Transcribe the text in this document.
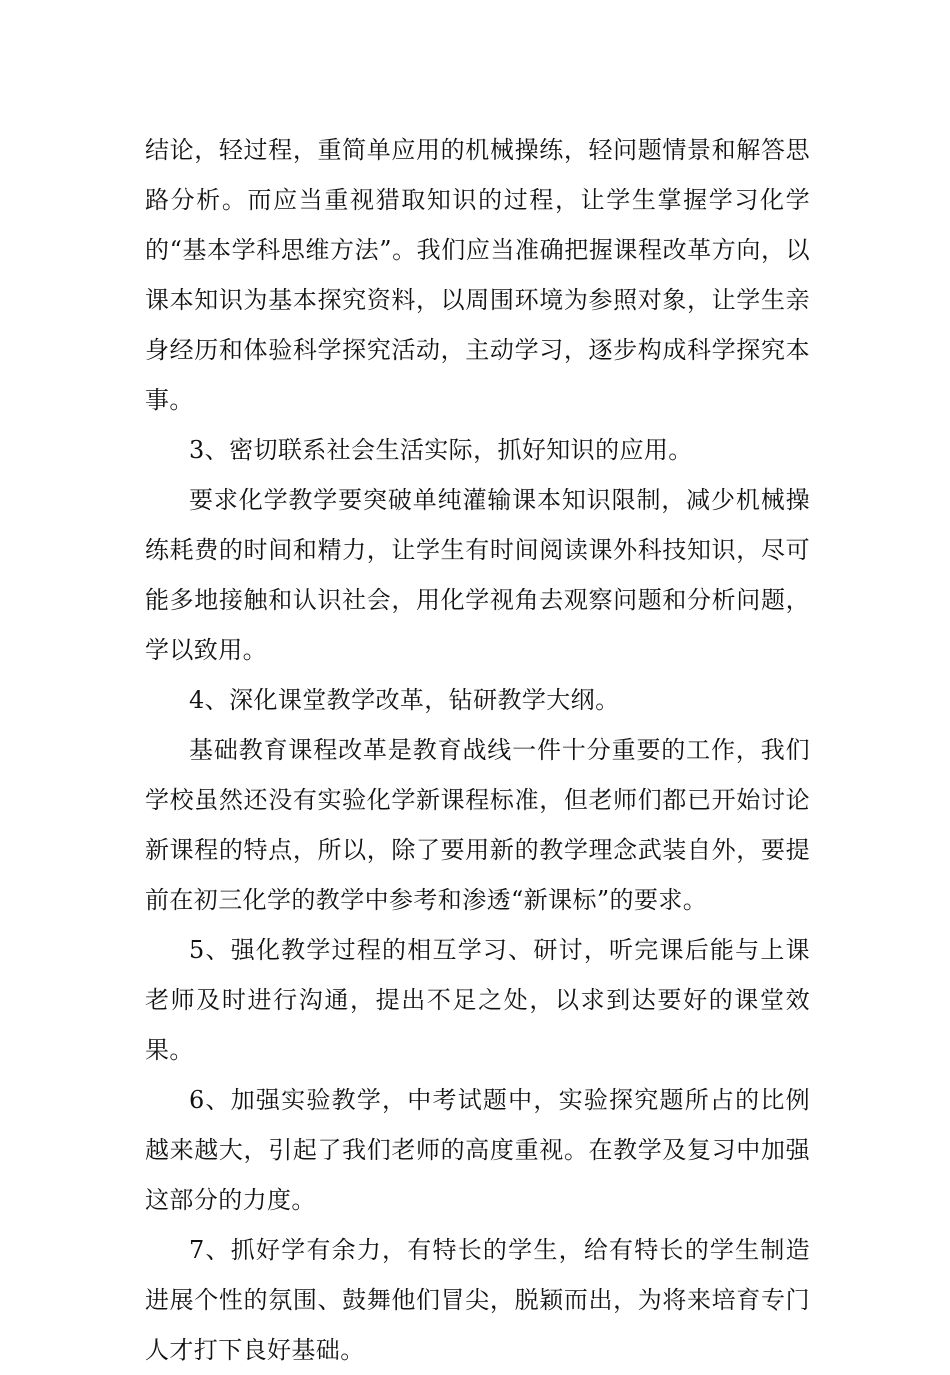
结论，轻过程，重简单应用的机械操练，轻问题情景和解答思路分析。而应当重视猎取知识的过程，让学生掌握学习化学的“基本学科思维方法”。我们应当准确把握课程改革方向，以课本知识为基本探究资料，以周围环境为参照对象，让学生亲身经历和体验科学探究活动，主动学习，逐步构成科学探究本事。

3、密切联系社会生活实际，抓好知识的应用。

要求化学教学要突破单纯灌输课本知识限制，减少机械操练耗费的时间和精力，让学生有时间阅读课外科技知识，尽可能多地接触和认识社会，用化学视角去观察问题和分析问题，学以致用。

4、深化课堂教学改革，钻研教学大纲。

基础教育课程改革是教育战线一件十分重要的工作，我们学校虽然还没有实验化学新课程标准，但老师们都已开始讨论新课程的特点，所以，除了要用新的教学理念武装自外，要提前在初三化学的教学中参考和渗透“新课标”的要求。

5、强化教学过程的相互学习、研讨，听完课后能与上课老师及时进行沟通，提出不足之处，以求到达要好的课堂效果。

6、加强实验教学，中考试题中，实验探究题所占的比例越来越大，引起了我们老师的高度重视。在教学及复习中加强这部分的力度。

7、抓好学有余力，有特长的学生，给有特长的学生制造进展个性的氛围、鼓舞他们冒尖，脱颖而出，为将来培育专门人才打下良好基础。
